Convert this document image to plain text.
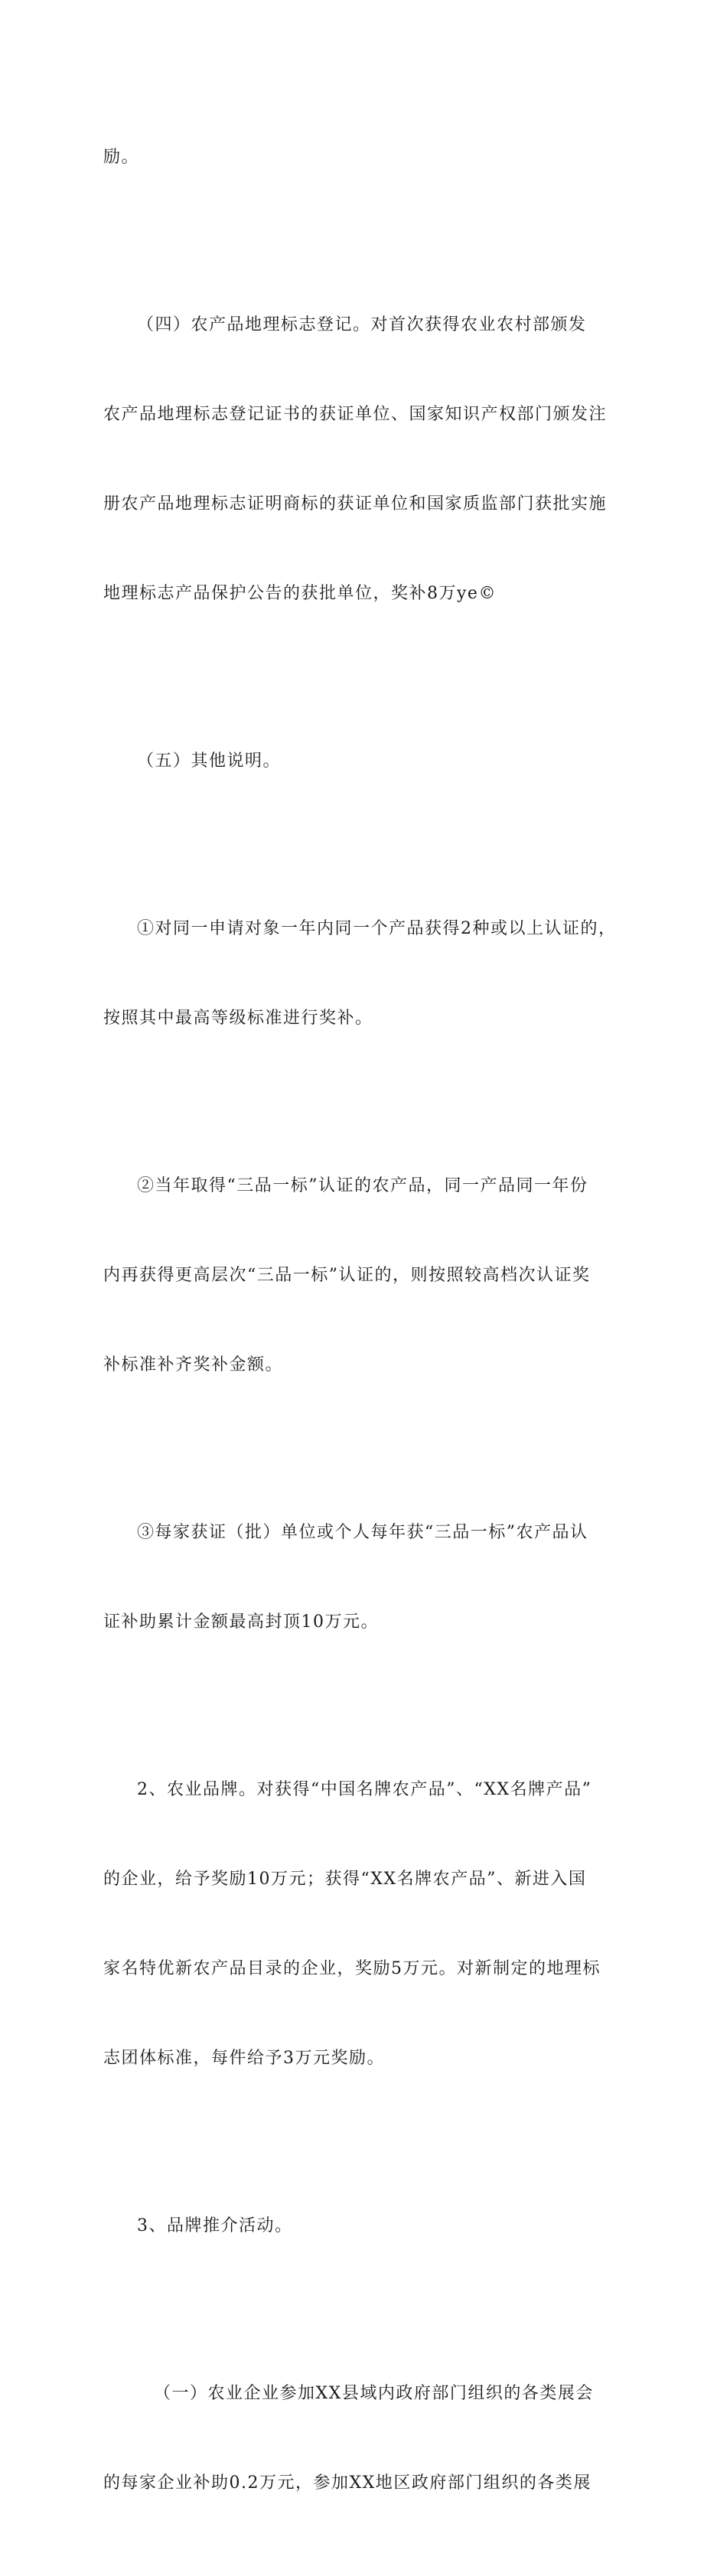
励。

（四）农产品地理标志登记。对首次获得农业农村部颁发

农产品地理标志登记证书的获证单位、国家知识产权部门颁发注

册农产品地理标志证明商标的获证单位和国家质监部门获批实施

地理标志产品保护公告的获批单位，奖补8万ye©

（五）其他说明。

①对同一申请对象一年内同一个产品获得2种或以上认证的，

按照其中最高等级标准进行奖补。

②当年取得“三品一标”认证的农产品，同一产品同一年份

内再获得更高层次“三品一标”认证的，则按照较高档次认证奖

补标准补齐奖补金额。

③每家获证（批）单位或个人每年获“三品一标”农产品认

证补助累计金额最高封顶10万元。

2、农业品牌。对获得“中国名牌农产品”、“XX名牌产品”

的企业，给予奖励10万元；获得“XX名牌农产品”、新进入国

家名特优新农产品目录的企业，奖励5万元。对新制定的地理标

志团体标准，每件给予3万元奖励。

3、品牌推介活动。

（一）农业企业参加XX县域内政府部门组织的各类展会

的每家企业补助0.2万元，参加XX地区政府部门组织的各类展
